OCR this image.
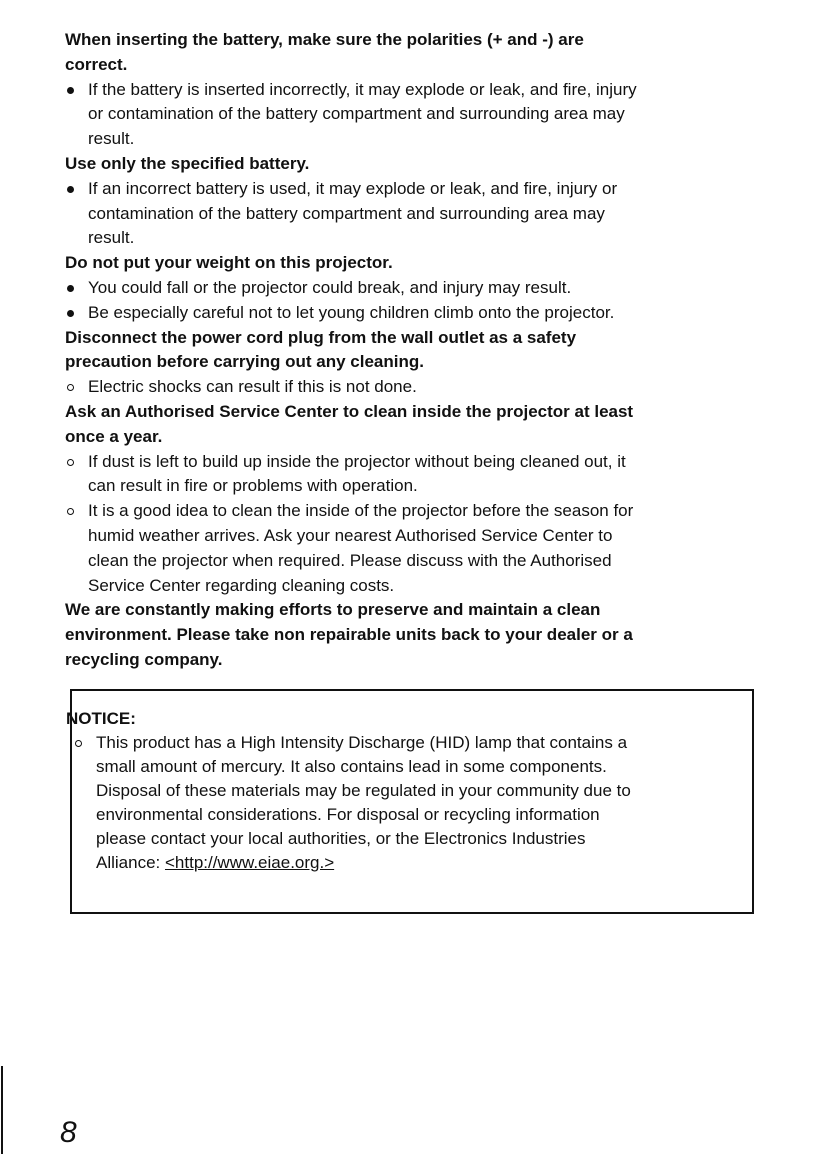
When inserting the battery, make sure the polarities (+ and -) are
correct.
If the battery is inserted incorrectly, it may explode or leak, and fire, injury
or contamination of the battery compartment and surrounding area may
result.
Use only the specified battery.
If an incorrect battery is used, it may explode or leak, and fire, injury or
contamination of the battery compartment and surrounding area may
result.
Do not put your weight on this projector.
You could fall or the projector could break, and injury may result.
Be especially careful not to let young children climb onto the projector.
Disconnect the power cord plug from the wall outlet as a safety
precaution before carrying out any cleaning.
Electric shocks can result if this is not done.
Ask an Authorised Service Center to clean inside the projector at least
once a year.
If dust is left to build up inside the projector without being cleaned out, it
can result in fire or problems with operation.
It is a good idea to clean the inside of the projector before the season for
humid weather arrives. Ask your nearest Authorised Service Center to
clean the projector when required. Please discuss with the Authorised
Service Center regarding cleaning costs.
We are constantly making efforts to preserve and maintain a clean
environment. Please take non repairable units back to your dealer or a
recycling company.
NOTICE:
This product has a High Intensity Discharge (HID) lamp that contains a
small amount of mercury. It also contains lead in some components.
Disposal of these materials may be regulated in your community due to
environmental considerations. For disposal or recycling information
please contact your local authorities, or the Electronics Industries
Alliance: <http://www.eiae.org.>
8
